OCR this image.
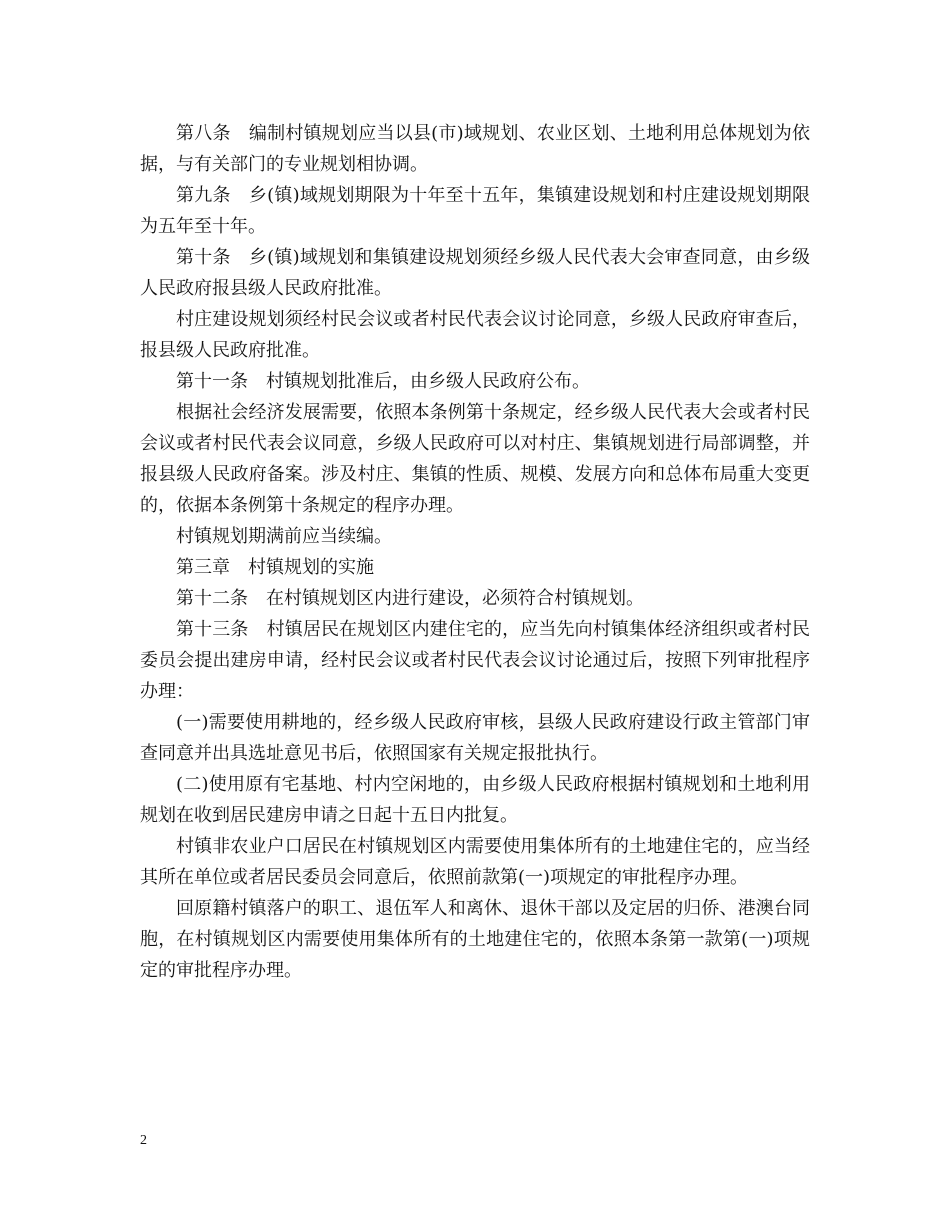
第八条　编制村镇规划应当以县(市)域规划、农业区划、土地利用总体规划为依据，与有关部门的专业规划相协调。

第九条　乡(镇)域规划期限为十年至十五年，集镇建设规划和村庄建设规划期限为五年至十年。

第十条　乡(镇)域规划和集镇建设规划须经乡级人民代表大会审查同意，由乡级人民政府报县级人民政府批准。

村庄建设规划须经村民会议或者村民代表会议讨论同意，乡级人民政府审查后，报县级人民政府批准。

第十一条　村镇规划批准后，由乡级人民政府公布。

根据社会经济发展需要，依照本条例第十条规定，经乡级人民代表大会或者村民会议或者村民代表会议同意，乡级人民政府可以对村庄、集镇规划进行局部调整，并报县级人民政府备案。涉及村庄、集镇的性质、规模、发展方向和总体布局重大变更的，依据本条例第十条规定的程序办理。

村镇规划期满前应当续编。

第三章　村镇规划的实施

第十二条　在村镇规划区内进行建设，必须符合村镇规划。

第十三条　村镇居民在规划区内建住宅的，应当先向村镇集体经济组织或者村民委员会提出建房申请，经村民会议或者村民代表会议讨论通过后，按照下列审批程序办理：

(一)需要使用耕地的，经乡级人民政府审核，县级人民政府建设行政主管部门审查同意并出具选址意见书后，依照国家有关规定报批执行。

(二)使用原有宅基地、村内空闲地的，由乡级人民政府根据村镇规划和土地利用规划在收到居民建房申请之日起十五日内批复。

村镇非农业户口居民在村镇规划区内需要使用集体所有的土地建住宅的，应当经其所在单位或者居民委员会同意后，依照前款第(一)项规定的审批程序办理。

回原籍村镇落户的职工、退伍军人和离休、退休干部以及定居的归侨、港澳台同胞，在村镇规划区内需要使用集体所有的土地建住宅的，依照本条第一款第(一)项规定的审批程序办理。

2
